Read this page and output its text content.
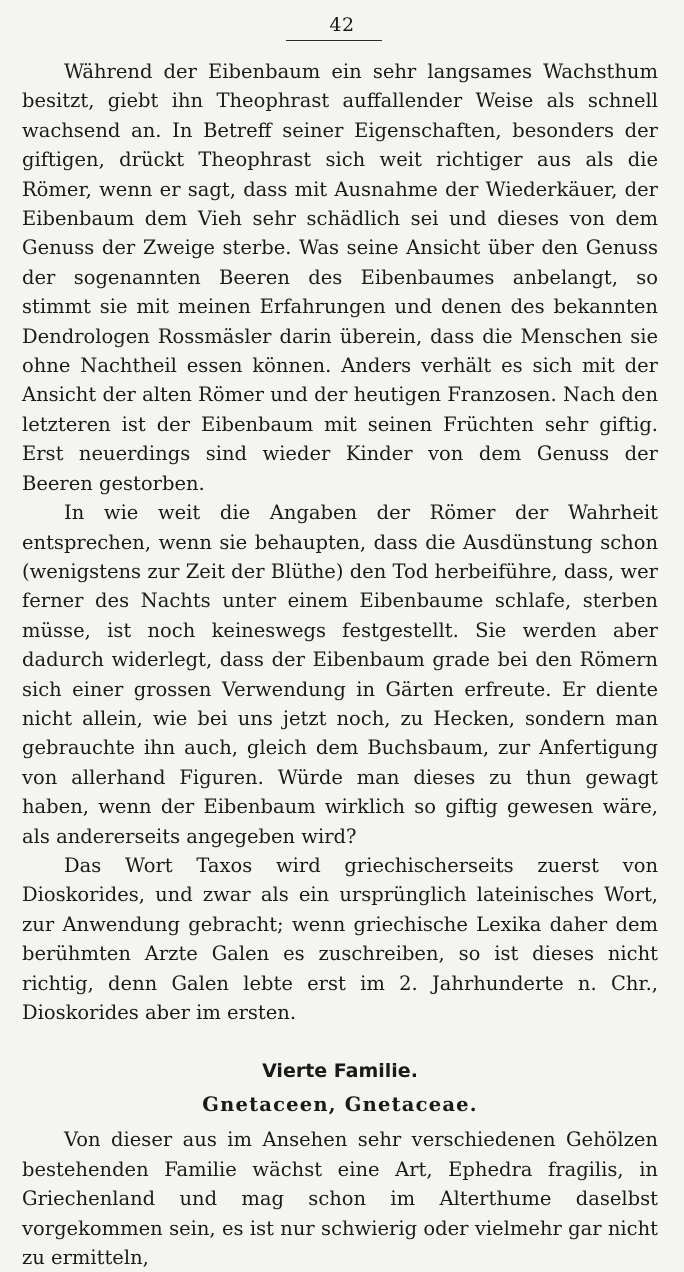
42

Während der Eibenbaum ein sehr langsames Wachsthum besitzt, giebt ihn Theophrast auffallender Weise als schnell wachsend an. In Betreff seiner Eigenschaften, besonders der giftigen, drückt Theophrast sich weit richtiger aus als die Römer, wenn er sagt, dass mit Ausnahme der Wiederkäuer, der Eibenbaum dem Vieh sehr schädlich sei und dieses von dem Genuss der Zweige sterbe. Was seine Ansicht über den Genuss der sogenannten Beeren des Eibenbaumes anbelangt, so stimmt sie mit meinen Erfahrungen und denen des bekannten Dendrologen Rossmäsler darin überein, dass die Menschen sie ohne Nachtheil essen können. Anders verhält es sich mit der Ansicht der alten Römer und der heutigen Franzosen. Nach den letzteren ist der Eibenbaum mit seinen Früchten sehr giftig. Erst neuerdings sind wieder Kinder von dem Genuss der Beeren gestorben.

In wie weit die Angaben der Römer der Wahrheit entsprechen, wenn sie behaupten, dass die Ausdünstung schon (wenigstens zur Zeit der Blüthe) den Tod herbeiführe, dass, wer ferner des Nachts unter einem Eibenbaume schlafe, sterben müsse, ist noch keineswegs festgestellt. Sie werden aber dadurch widerlegt, dass der Eibenbaum grade bei den Römern sich einer grossen Verwendung in Gärten erfreute. Er diente nicht allein, wie bei uns jetzt noch, zu Hecken, sondern man gebrauchte ihn auch, gleich dem Buchsbaum, zur Anfertigung von allerhand Figuren. Würde man dieses zu thun gewagt haben, wenn der Eibenbaum wirklich so giftig gewesen wäre, als andererseits angegeben wird?

Das Wort Taxos wird griechischerseits zuerst von Dioskorides, und zwar als ein ursprünglich lateinisches Wort, zur Anwendung gebracht; wenn griechische Lexika daher dem berühmten Arzte Galen es zuschreiben, so ist dieses nicht richtig, denn Galen lebte erst im 2. Jahrhunderte n. Chr., Dioskorides aber im ersten.

Vierte Familie.
Gnetaceen, Gnetaceae.

Von dieser aus im Ansehen sehr verschiedenen Gehölzen bestehenden Familie wächst eine Art, Ephedra fragilis, in Griechenland und mag schon im Alterthume daselbst vorgekommen sein, es ist nur schwierig oder vielmehr gar nicht zu ermitteln,
